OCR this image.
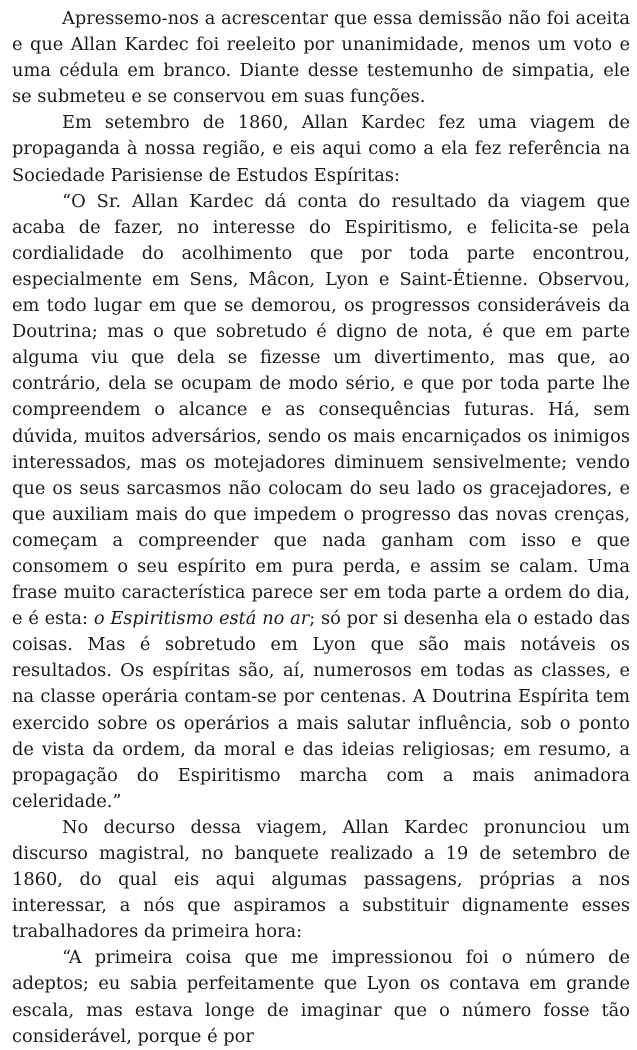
Apressemo-nos a acrescentar que essa demissão não foi aceita e que Allan Kardec foi reeleito por unanimidade, menos um voto e uma cédula em branco. Diante desse testemunho de simpatia, ele se submeteu e se conservou em suas funções.

Em setembro de 1860, Allan Kardec fez uma viagem de propaganda à nossa região, e eis aqui como a ela fez referência na Sociedade Parisiense de Estudos Espíritas:

“O Sr. Allan Kardec dá conta do resultado da viagem que acaba de fazer, no interesse do Espiritismo, e felicita-se pela cordialidade do acolhimento que por toda parte encontrou, especialmente em Sens, Mâcon, Lyon e Saint-Étienne. Observou, em todo lugar em que se demorou, os progressos consideráveis da Doutrina; mas o que sobretudo é digno de nota, é que em parte alguma viu que dela se fizesse um divertimento, mas que, ao contrário, dela se ocupam de modo sério, e que por toda parte lhe compreendem o alcance e as consequências futuras. Há, sem dúvida, muitos adversários, sendo os mais encarniçados os inimigos interessados, mas os motejadores diminuem sensivelmente; vendo que os seus sarcasmos não colocam do seu lado os gracejadores, e que auxiliam mais do que impedem o progresso das novas crenças, começam a compreender que nada ganham com isso e que consomem o seu espírito em pura perda, e assim se calam. Uma frase muito característica parece ser em toda parte a ordem do dia, e é esta: o Espiritismo está no ar; só por si desenha ela o estado das coisas. Mas é sobretudo em Lyon que são mais notáveis os resultados. Os espíritas são, aí, numerosos em todas as classes, e na classe operária contam-se por centenas. A Doutrina Espírita tem exercido sobre os operários a mais salutar influência, sob o ponto de vista da ordem, da moral e das ideias religiosas; em resumo, a propagação do Espiritismo marcha com a mais animadora celeridade.”

No decurso dessa viagem, Allan Kardec pronunciou um discurso magistral, no banquete realizado a 19 de setembro de 1860, do qual eis aqui algumas passagens, próprias a nos interessar, a nós que aspiramos a substituir dignamente esses trabalhadores da primeira hora:

“A primeira coisa que me impressionou foi o número de adeptos; eu sabia perfeitamente que Lyon os contava em grande escala, mas estava longe de imaginar que o número fosse tão considerável, porque é por
